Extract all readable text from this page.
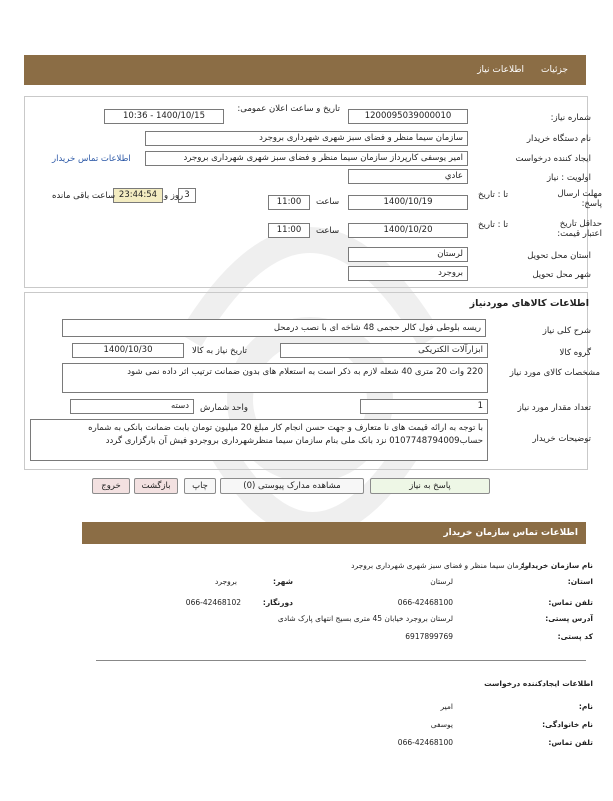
جزئیات
اطلاعات نیاز
شماره نیاز:
1200095039000010
تاریخ و ساعت اعلان عمومی:
1400/10/15 - 10:36
نام دستگاه خریدار
سازمان سیما منظر و فضای سبز شهری شهرداری بروجرد
ایجاد کننده درخواست
امیر یوسفی کارپرداز سازمان سیما منظر و فضای سبز شهری شهرداری بروجرد
اطلاعات تماس خریدار
اولویت : نیاز
عادي
مهلت ارسال پاسخ:
تا : تاریخ
1400/10/19
ساعت
11:00
3
روز و
23:44:54
ساعت باقی مانده
حداقل تاریخ اعتبار قیمت:
تا : تاریخ
1400/10/20
ساعت
11:00
استان محل تحویل
لرستان
شهر محل تحویل
بروجرد
اطلاعات کالاهای موردنیاز
شرح کلی نیاز
ریسه بلوطی فول کالر حجمی 48 شاخه ای با نصب درمحل
گروه کالا
ابزارآلات الکتریکی
تاریخ نیاز به کالا
1400/10/30
مشخصات کالای مورد نیاز
220 وات 20 متری 40 شعله لازم به ذکر است به استعلام های بدون ضمانت ترتیب اثر داده نمی شود
تعداد مقدار مورد نیاز
1
واحد شمارش
دسته
توضیحات خریدار
با توجه به ارائه قیمت های نا متعارف و جهت حسن انجام کار مبلغ 20 میلیون تومان بابت ضمانت بانکی به شماره حساب0107748794009 نزد بانک ملی بنام سازمان سیما منظرشهرداری بروجردو فیش آن بارگزاری گردد
پاسخ به نیاز
مشاهده مدارک پیوستی (0)
چاپ
بازگشت
خروج
اطلاعات تماس سازمان خریدار
نام سازمان خریدار:
سازمان سیما منظر و فضای سبز شهری شهرداری بروجرد
استان:
لرستان
شهر:
بروجرد
تلفن تماس:
066-42468100
دورنگار:
066-42468102
آدرس پستی:
لرستان بروجرد خیابان 45 متری بسیج انتهای پارک شادی
کد پستی:
6917899769
اطلاعات ایجادکننده درخواست
نام:
امیر
نام خانوادگی:
یوسفی
تلفن تماس:
066-42468100
